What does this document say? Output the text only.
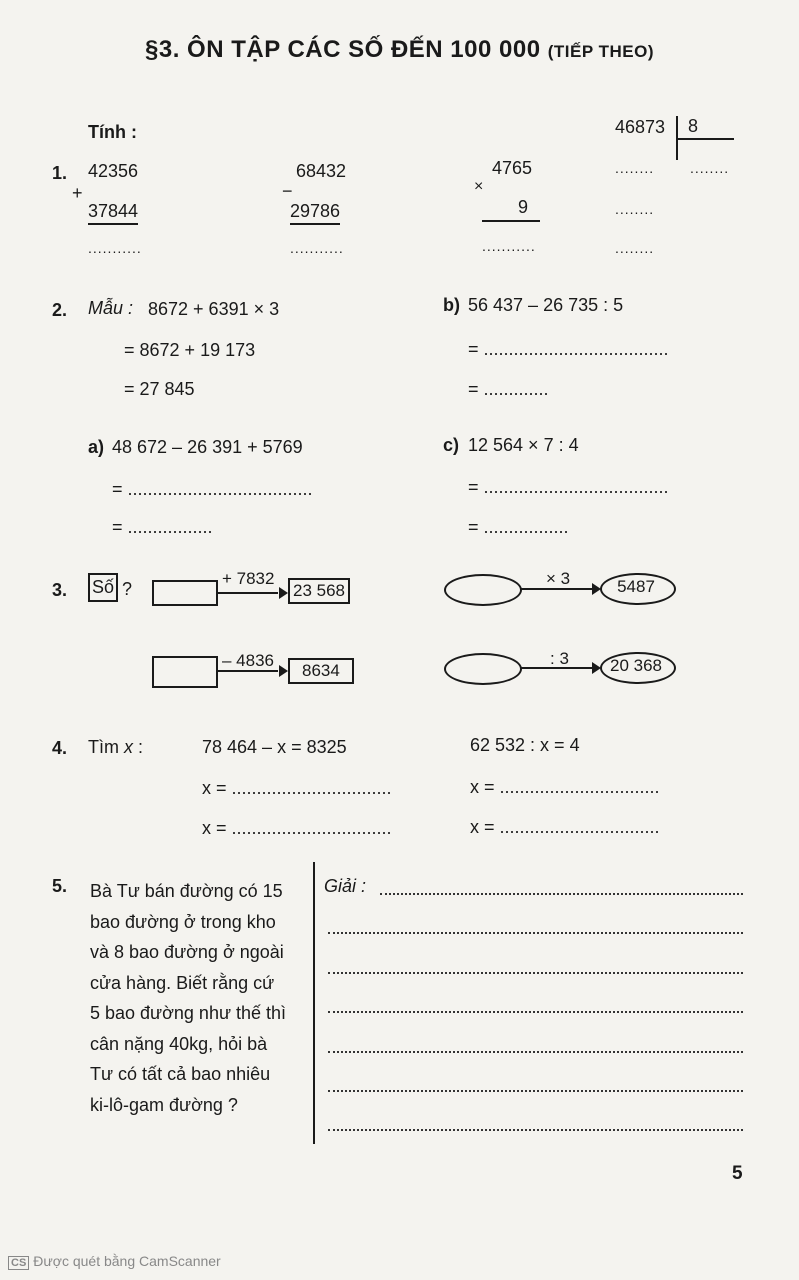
§3. ÔN TẬP CÁC SỐ ĐẾN 100 000 (TIẾP THEO)
Tính :
1. 42356
+
37844
...........
68432
−
29786
...........
4765
×
9
...........
46873 8
........	........
........
........
2. Mẫu : 8672 + 6391 × 3
= 8672 + 19 173
= 27 845
b) 56 437 – 26 735 : 5
= .....................................
= .............
a) 48 672 – 26 391 + 5769
= .....................................
= .................
c) 12 564 × 7 : 4
= .....................................
= .................
3. Số ?
+ 7832
23 568
– 4836
8634
× 3	5487
: 3	20 368
4. Tìm x :	78 464 – x = 8325
x = ................................
x = ................................
62 532 : x = 4
x = ................................
x = ................................
5. Bà Tư bán đường có 15
bao đường ở trong kho
và 8 bao đường ở ngoài
cửa hàng. Biết rằng cứ
5 bao đường như thế thì
cân nặng 40kg, hỏi bà
Tư có tất cả bao nhiêu
ki-lô-gam đường ?
Giải :
5
CS Được quét bằng CamScanner
